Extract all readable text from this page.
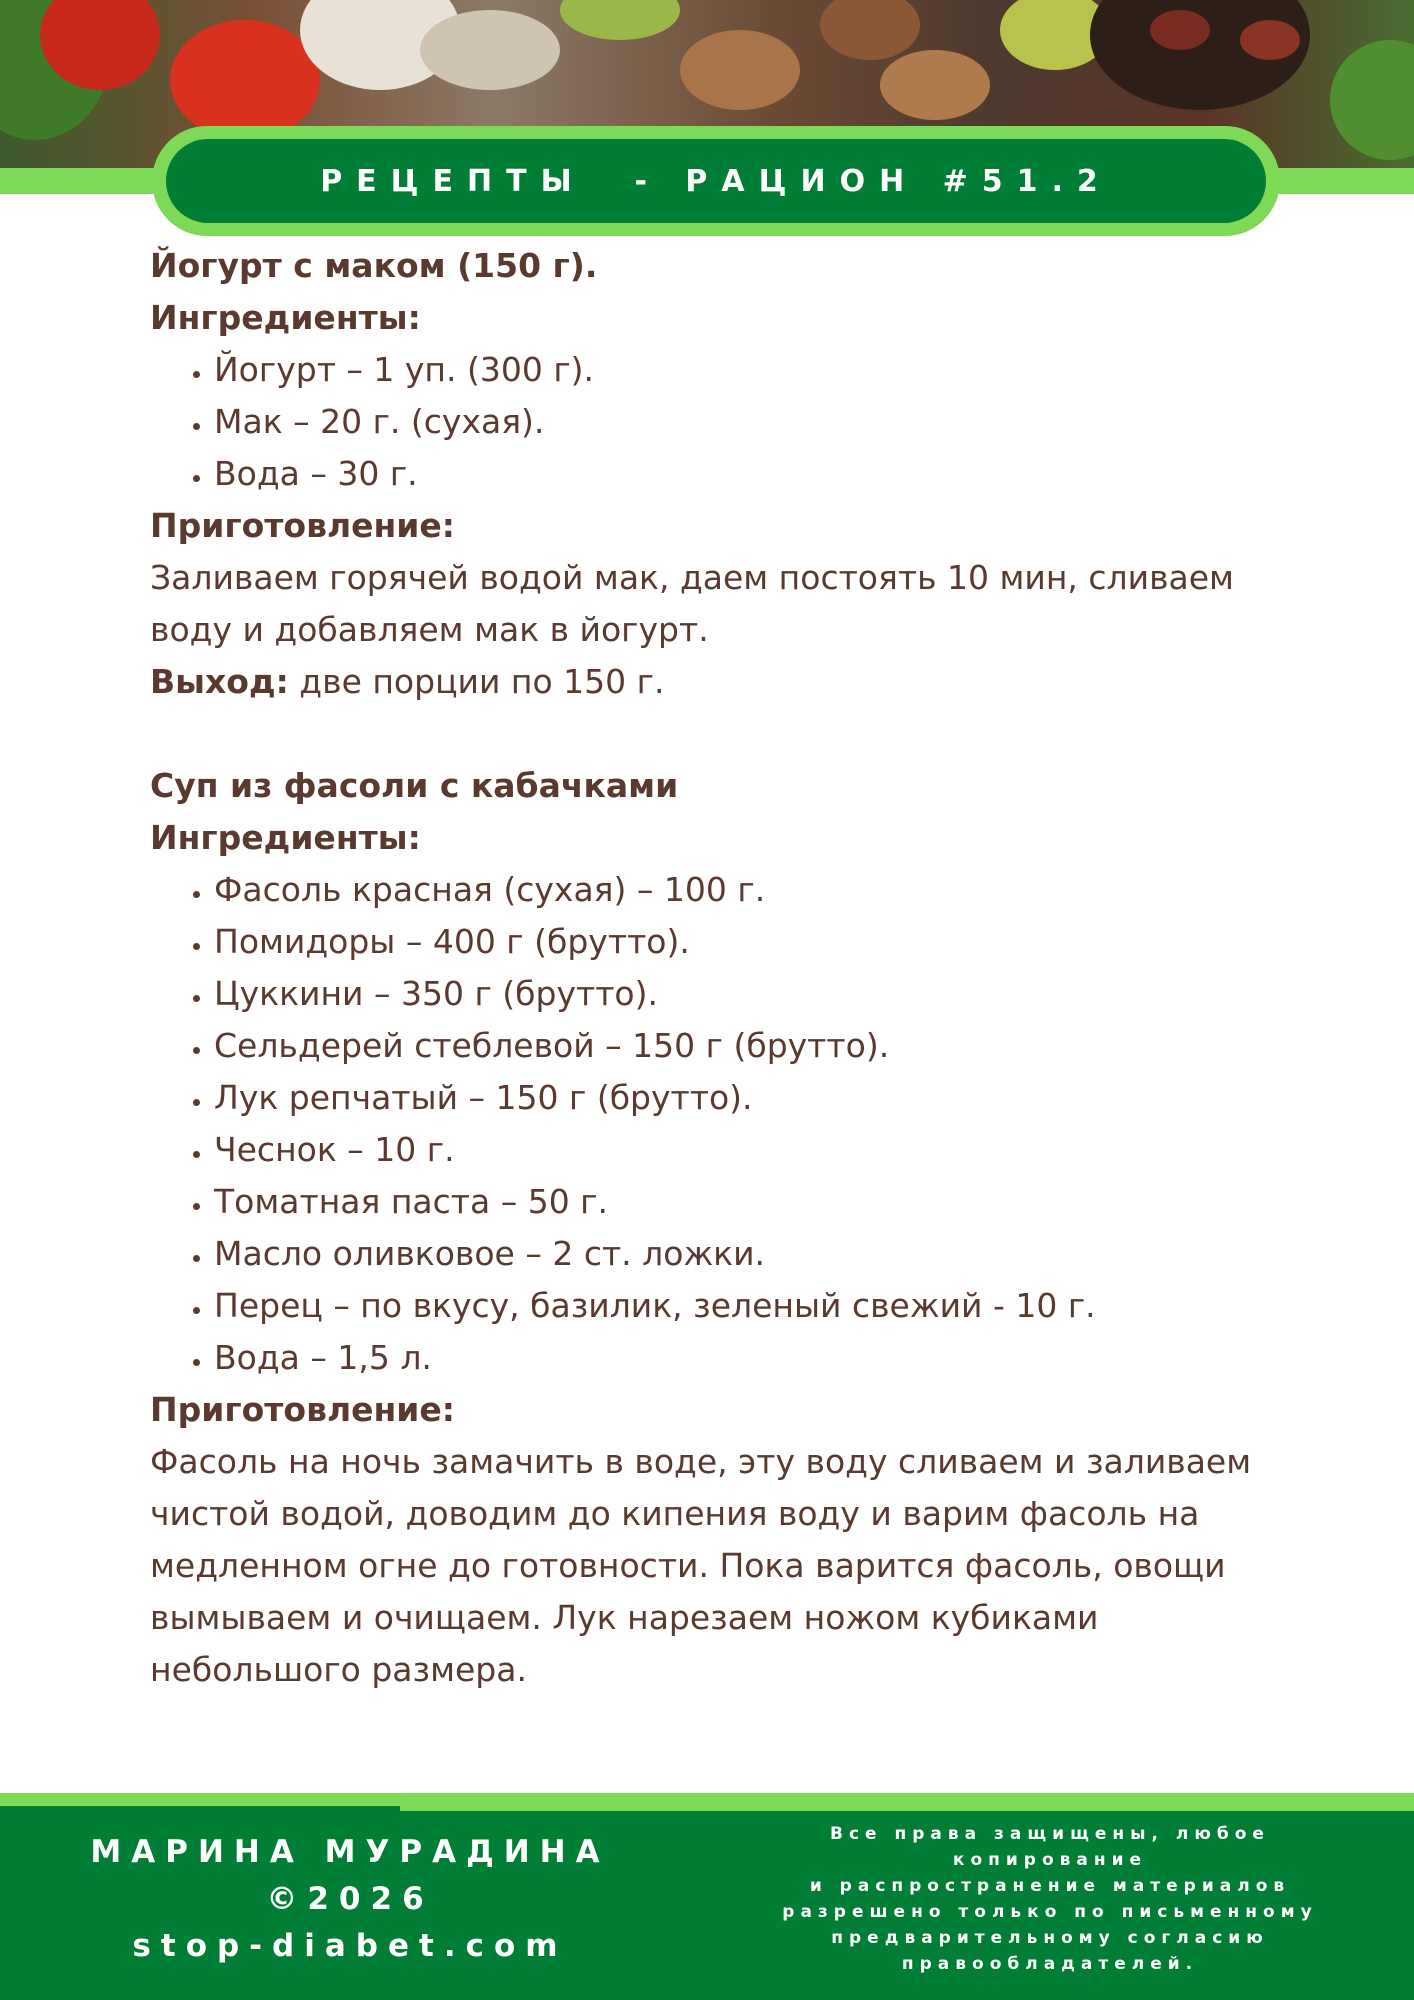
РЕЦЕПТЫ  - РАЦИОН #51.2

Йогурт с маком (150 г).

Ингредиенты:

• Йогурт – 1 уп. (300 г).
• Мак – 20 г. (сухая).
• Вода – 30 г.

Приготовление:

Заливаем горячей водой мак, даем постоять 10 мин, сливаем воду и добавляем мак в йогурт.

Выход: две порции по 150 г.

Суп из фасоли с кабачками

Ингредиенты:

• Фасоль красная (сухая) – 100 г.
• Помидоры – 400 г (брутто).
• Цуккини – 350 г (брутто).
• Сельдерей стеблевой – 150 г (брутто).
• Лук репчатый – 150 г (брутто).
• Чеснок – 10 г.
• Томатная паста – 50 г.
• Масло оливковое – 2 ст. ложки.
• Перец – по вкусу, базилик, зеленый свежий - 10 г.
• Вода – 1,5 л.

Приготовление:

Фасоль на ночь замачить в воде, эту воду сливаем и заливаем чистой водой, доводим до кипения воду и варим фасоль на медленном огне до готовности. Пока варится фасоль, овощи вымываем и очищаем. Лук нарезаем ножом кубиками небольшого размера.

МАРИНА МУРАДИНА
©2026
stop-diabet.com
Все права защищены, любое
копирование
и распространение материалов
разрешено только по письменному
предварительному согласию
правообладателей.
